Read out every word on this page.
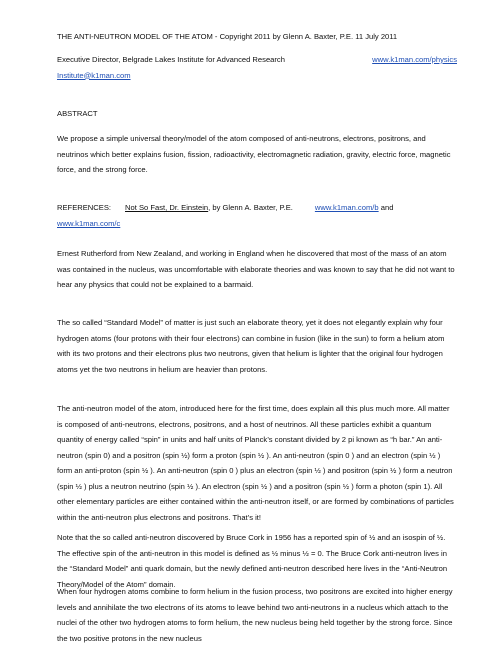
THE ANTI-NEUTRON MODEL OF THE ATOM - Copyright 2011 by Glenn A. Baxter, P.E. 11 July 2011

Executive Director, Belgrade Lakes Institute for Advanced Research	www.k1man.com/physics
Institute@k1man.com

ABSTRACT

We propose a simple universal theory/model of the atom composed of anti-neutrons, electrons, positrons, and neutrinos which better explains fusion, fission, radioactivity, electromagnetic radiation, gravity, electric force, magnetic force, and the strong force.

REFERENCES: Not So Fast, Dr. Einstein, by Glenn A. Baxter, P.E.	www.k1man.com/b and
www.k1man.com/c

Ernest Rutherford from New Zealand, and working in England when he discovered that most of the mass of an atom was contained in the nucleus, was uncomfortable with elaborate theories and was known to say that he did not want to hear any physics that could not be explained to a barmaid.

The so called “Standard Model” of matter is just such an elaborate theory, yet it does not elegantly explain why four hydrogen atoms (four protons with their four electrons) can combine in fusion (like in the sun) to form a helium atom with its two protons and their electrons plus two neutrons, given that helium is lighter that the original four hydrogen atoms yet the two neutrons in helium are heavier than protons.

The anti-neutron model of the atom, introduced here for the first time, does explain all this plus much more. All matter is composed of anti-neutrons, electrons, positrons, and a host of neutrinos. All these particles exhibit a quantum quantity of energy called “spin” in units and half units of Planck’s constant divided by 2 pi known as “h bar.” An anti-neutron (spin 0) and a positron (spin ½) form a proton (spin ½ ). An anti-neutron (spin 0 ) and an electron (spin ½ ) form an anti-proton (spin ½ ). An anti-neutron (spin 0 ) plus an electron (spin ½ ) and positron (spin ½ ) form a neutron (spin ½ ) plus a neutron neutrino (spin ½ ). An electron (spin ½ ) and a positron (spin ½ ) form a photon (spin 1). All other elementary particles are either contained within the anti-neutron itself, or are formed by combinations of particles within the anti-neutron plus electrons and positrons. That’s it!

Note that the so called anti-neutron discovered by Bruce Cork in 1956 has a reported spin of ½ and an isospin of ½. The effective spin of the anti-neutron in this model is defined as ½ minus ½ = 0. The Bruce Cork anti-neutron lives in the “Standard Model” anti quark domain, but the newly defined anti-neutron described here lives in the “Anti-Neutron Theory/Model of the Atom” domain.

When four hydrogen atoms combine to form helium in the fusion process, two positrons are excited into higher energy levels and annihilate the two electrons of its atoms to leave behind two anti-neutrons in a nucleus which attach to the nuclei of the other two hydrogen atoms to form helium, the new nucleus being held together by the strong force. Since the two positive protons in the new nucleus
